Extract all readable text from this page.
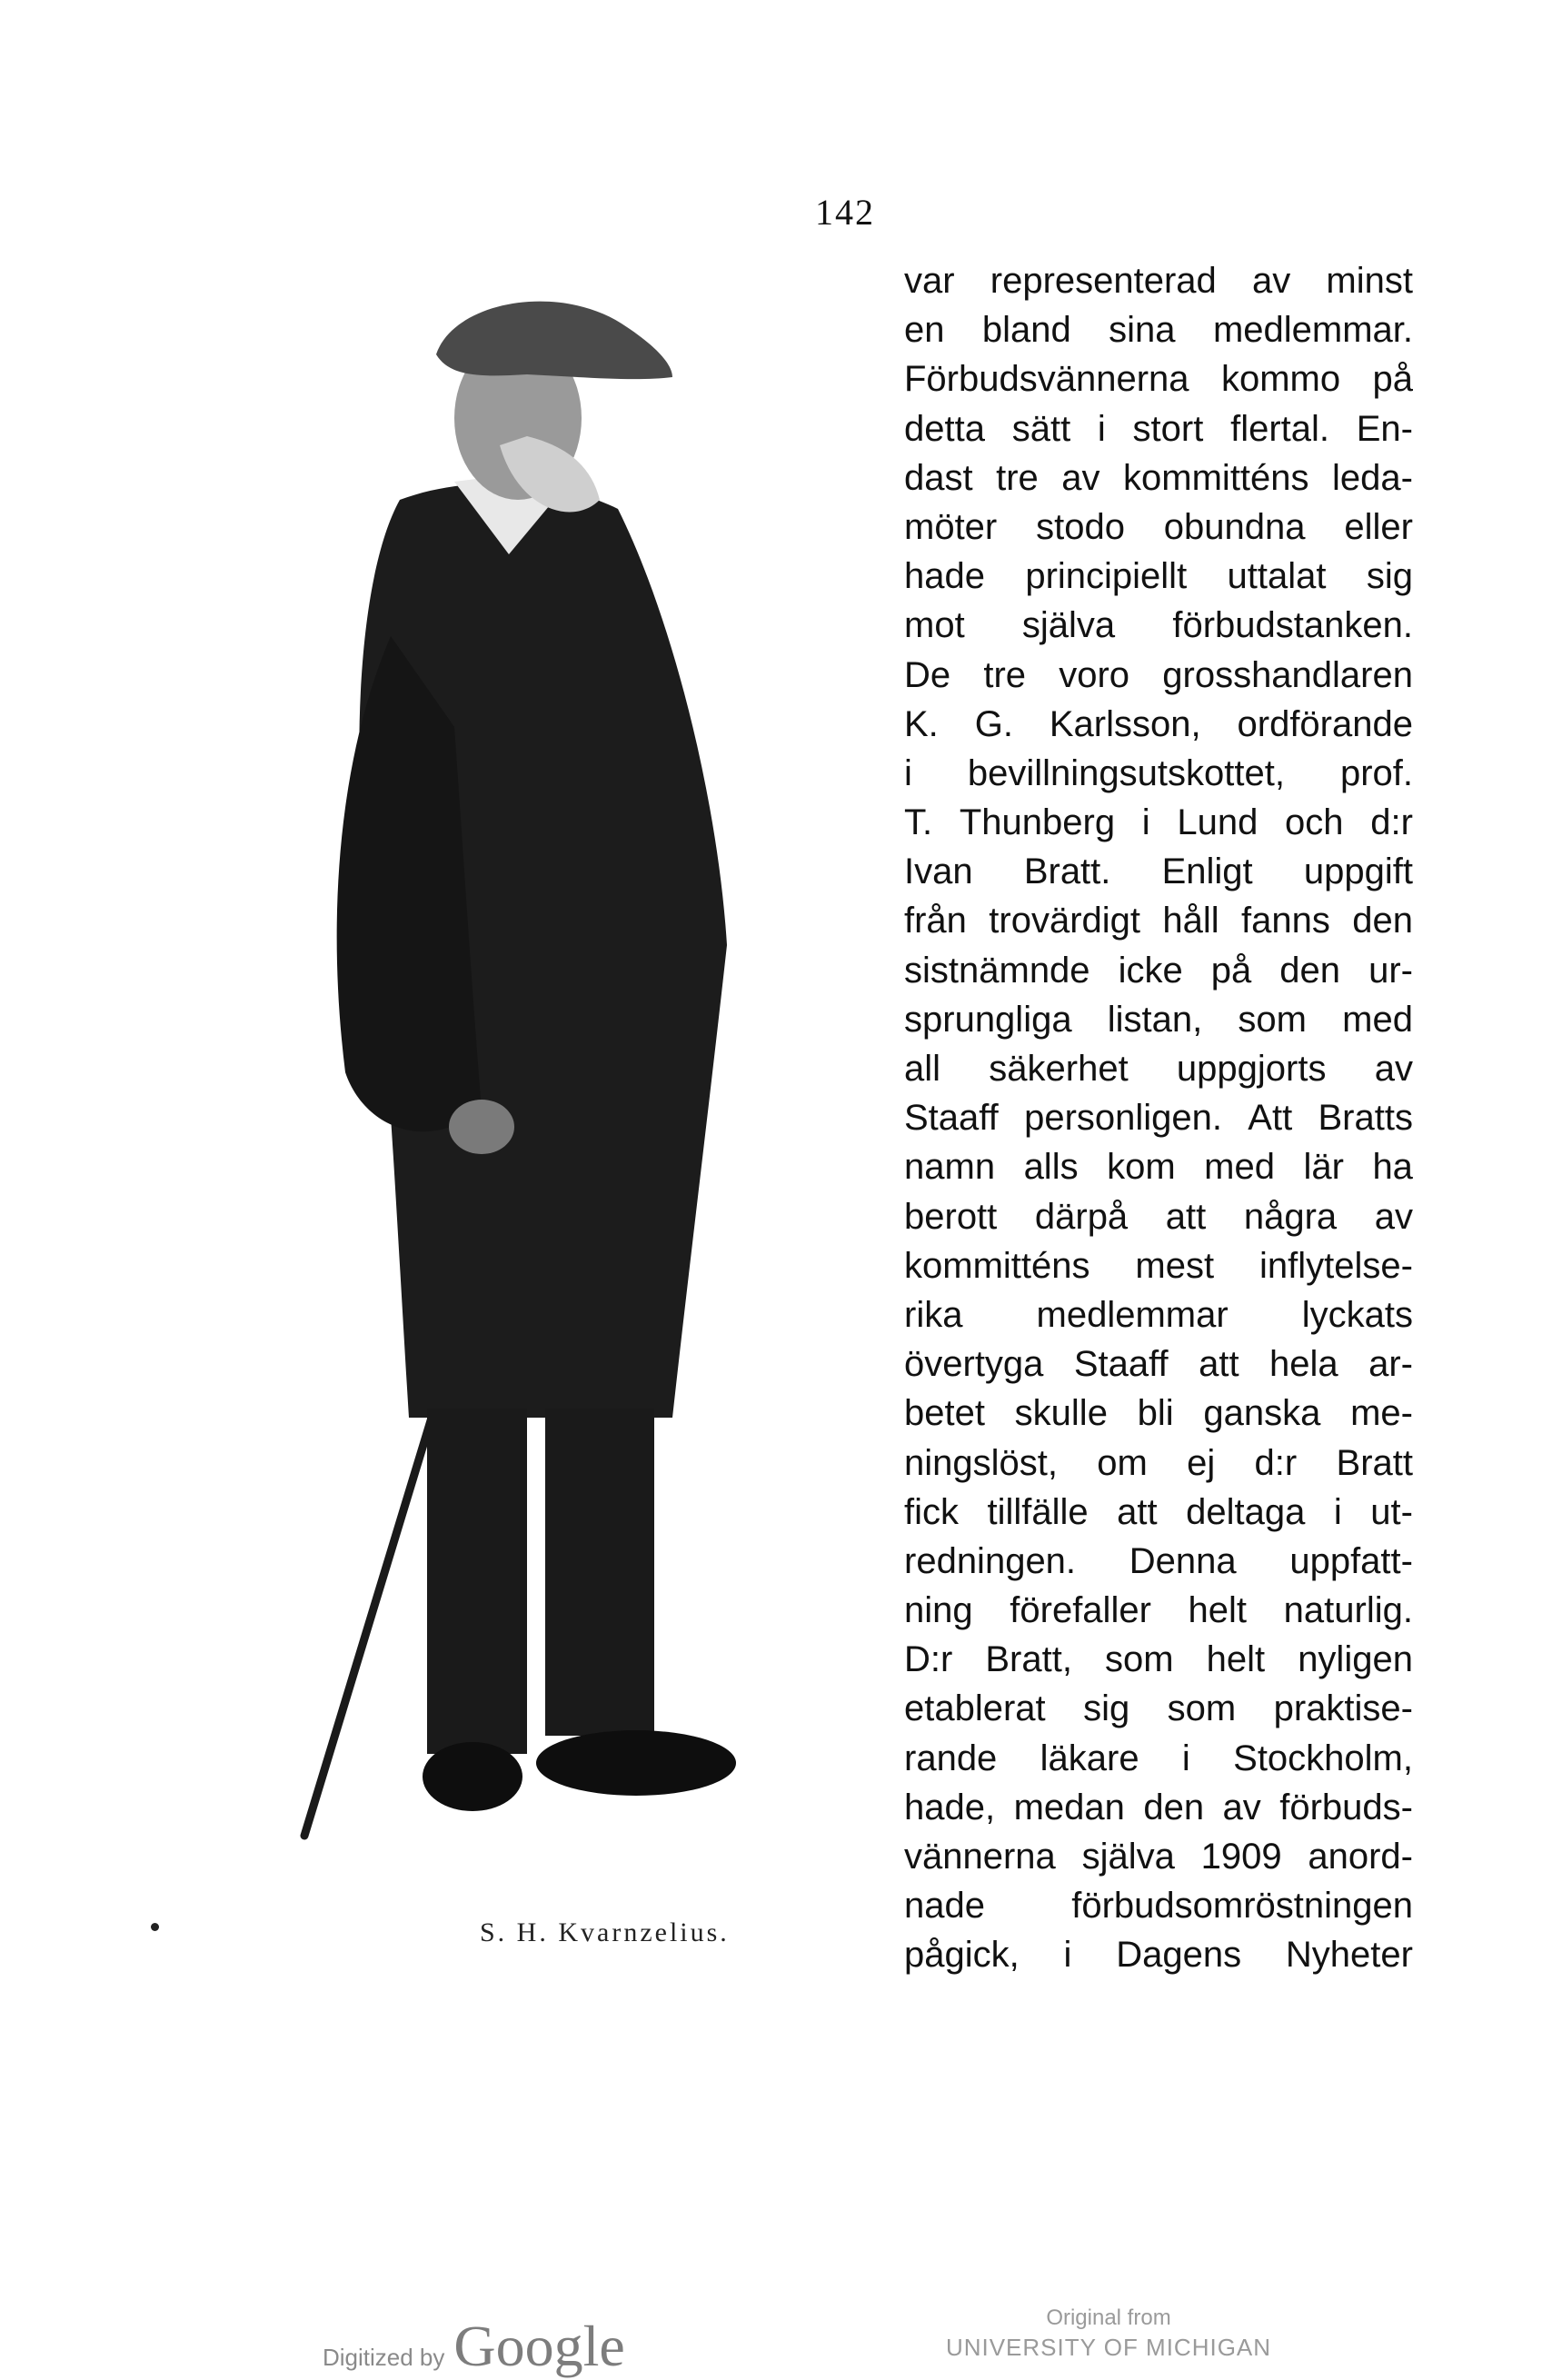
142
var representerad av minst
en bland sina medlemmar.
Förbudsvännerna kommo på
detta sätt i stort flertal. En-
dast tre av kommitténs leda-
möter stodo obundna eller
hade principiellt uttalat sig
mot själva förbudstanken.
De tre voro grosshandlaren
K. G. Karlsson, ordförande
i bevillningsutskottet, prof.
T. Thunberg i Lund och d:r
Ivan Bratt. Enligt uppgift
från trovärdigt håll fanns den
sistnämnde icke på den ur-
sprungliga listan, som med
all säkerhet uppgjorts av
Staaff personligen. Att Bratts
namn alls kom med lär ha
berott därpå att några av
kommitténs mest inflytelse-
rika medlemmar lyckats
övertyga Staaff att hela ar-
betet skulle bli ganska me-
ningslöst, om ej d:r Bratt
fick tillfälle att deltaga i ut-
redningen. Denna uppfatt-
ning förefaller helt naturlig.
D:r Bratt, som helt nyligen
etablerat sig som praktise-
rande läkare i Stockholm,
hade, medan den av förbuds-
vännerna själva 1909 anord-
nade förbudsomröstningen
pågick, i Dagens Nyheter
S. H. Kvarnzelius.
Digitized by Google	Original from
UNIVERSITY OF MICHIGAN
